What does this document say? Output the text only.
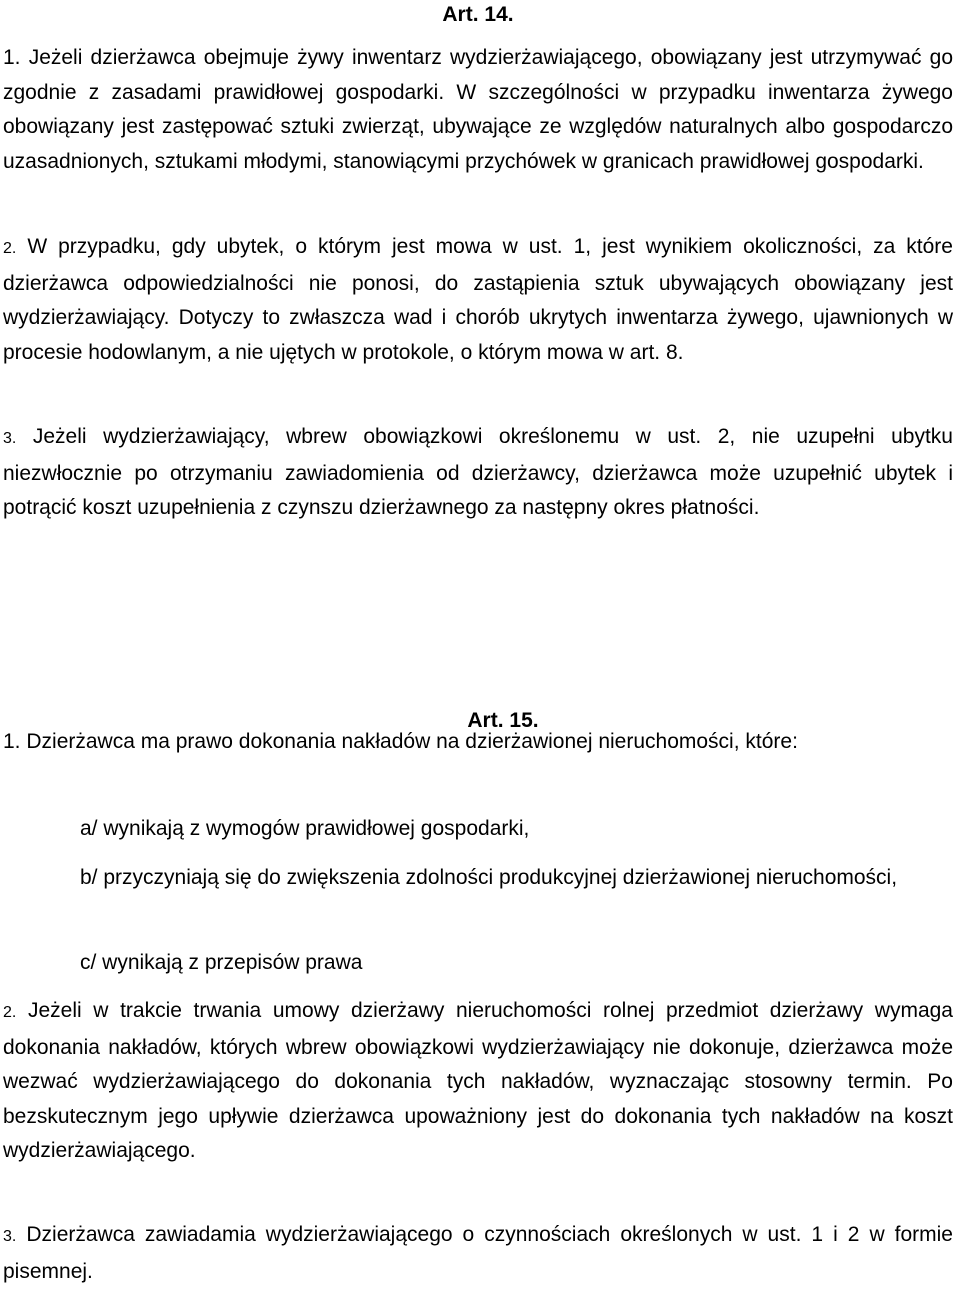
Art. 14.

1. Jeżeli dzierżawca obejmuje żywy inwentarz wydzierżawiającego, obowiązany jest utrzymywać go zgodnie z zasadami prawidłowej gospodarki. W szczególności w przypadku inwentarza żywego obowiązany jest zastępować sztuki zwierząt, ubywające ze względów naturalnych albo gospodarczo uzasadnionych, sztukami młodymi, stanowiącymi przychówek w granicach prawidłowej gospodarki.

2. W przypadku, gdy ubytek, o którym jest mowa w ust. 1, jest wynikiem okoliczności, za które dzierżawca odpowiedzialności nie ponosi, do zastąpienia sztuk ubywających obowiązany jest wydzierżawiający. Dotyczy to zwłaszcza wad i chorób ukrytych inwentarza żywego, ujawnionych w procesie hodowlanym, a nie ujętych w protokole, o którym mowa w art. 8.

3. Jeżeli wydzierżawiający, wbrew obowiązkowi określonemu w ust. 2, nie uzupełni ubytku niezwłocznie po otrzymaniu zawiadomienia od dzierżawcy, dzierżawca może uzupełnić ubytek i potrącić koszt uzupełnienia z czynszu dzierżawnego za następny okres płatności.

Art. 15.

1. Dzierżawca ma prawo dokonania nakładów na dzierżawionej nieruchomości, które:

a/ wynikają z wymogów prawidłowej gospodarki,

b/ przyczyniają się do zwiększenia zdolności produkcyjnej dzierżawionej nieruchomości,

c/ wynikają z przepisów prawa

2. Jeżeli w trakcie trwania umowy dzierżawy nieruchomości rolnej przedmiot dzierżawy wymaga dokonania nakładów, których wbrew obowiązkowi wydzierżawiający nie dokonuje, dzierżawca może wezwać wydzierżawiającego do dokonania tych nakładów, wyznaczając stosowny termin. Po bezskutecznym jego upływie dzierżawca upoważniony jest do dokonania tych nakładów na koszt wydzierżawiającego.

3. Dzierżawca zawiadamia wydzierżawiającego o czynnościach określonych w ust. 1 i 2 w formie pisemnej.
